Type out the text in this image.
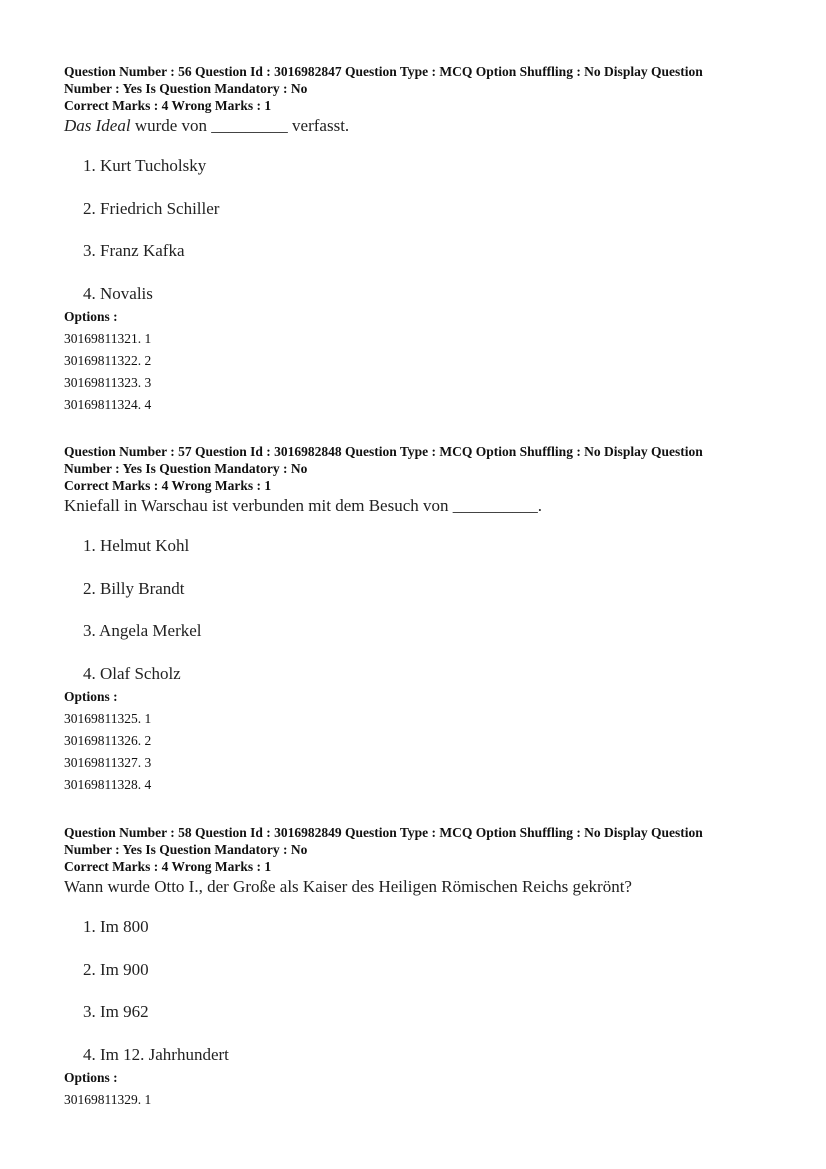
Question Number : 56 Question Id : 3016982847 Question Type : MCQ Option Shuffling : No Display Question
Number : Yes Is Question Mandatory : No
Correct Marks : 4 Wrong Marks : 1
Das Ideal wurde von _________ verfasst.
1. Kurt Tucholsky
2. Friedrich Schiller
3. Franz Kafka
4. Novalis
Options :
30169811321. 1
30169811322. 2
30169811323. 3
30169811324. 4
Question Number : 57 Question Id : 3016982848 Question Type : MCQ Option Shuffling : No Display Question
Number : Yes Is Question Mandatory : No
Correct Marks : 4 Wrong Marks : 1
Kniefall in Warschau ist verbunden mit dem Besuch von __________.
1. Helmut Kohl
2. Billy Brandt
3. Angela Merkel
4. Olaf Scholz
Options :
30169811325. 1
30169811326. 2
30169811327. 3
30169811328. 4
Question Number : 58 Question Id : 3016982849 Question Type : MCQ Option Shuffling : No Display Question
Number : Yes Is Question Mandatory : No
Correct Marks : 4 Wrong Marks : 1
Wann wurde Otto I., der Große als Kaiser des Heiligen Römischen Reichs gekrönt?
1. Im 800
2. Im 900
3. Im 962
4. Im 12. Jahrhundert
Options :
30169811329. 1
